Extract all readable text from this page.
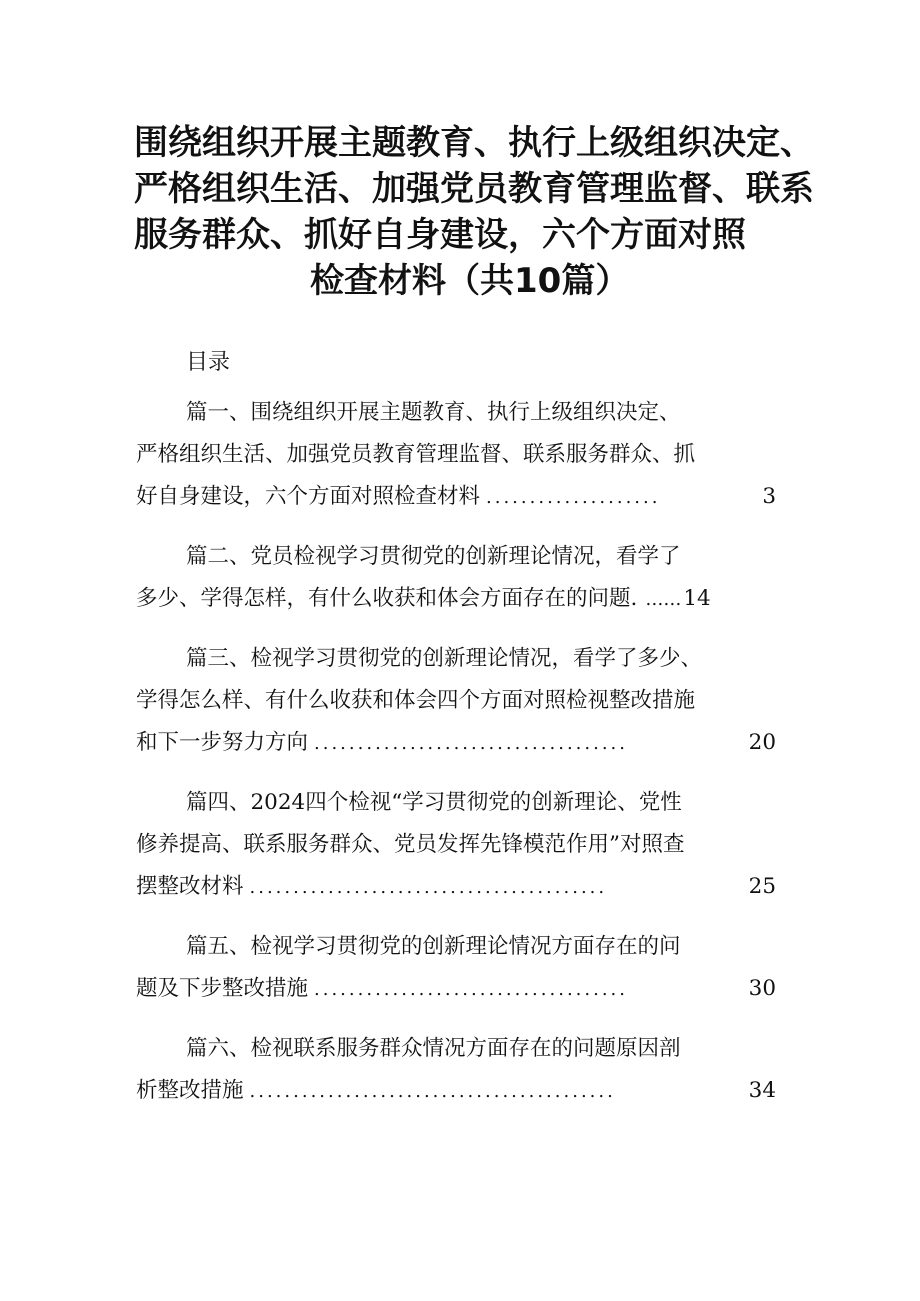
围绕组织开展主题教育、执行上级组织决定、
严格组织生活、加强党员教育管理监督、联系
服务群众、抓好自身建设，六个方面对照
检查材料（共10篇）
目录
篇一、围绕组织开展主题教育、执行上级组织决定、
严格组织生活、加强党员教育管理监督、联系服务群众、抓
好自身建设，六个方面对照检查材料 ....................	3
篇二、党员检视学习贯彻党的创新理论情况，看学了
多少、学得怎样，有什么收获和体会方面存在的问题. …… 14
篇三、检视学习贯彻党的创新理论情况，看学了多少、
学得怎么样、有什么收获和体会四个方面对照检视整改措施
和下一步努力方向 ....................................	20
篇四、2024四个检视“学习贯彻党的创新理论、党性
修养提高、联系服务群众、党员发挥先锋模范作用”对照查
摆整改材料 .........................................	25
篇五、检视学习贯彻党的创新理论情况方面存在的问
题及下步整改措施 ....................................	30
篇六、检视联系服务群众情况方面存在的问题原因剖
析整改措施 ..........................................	34
